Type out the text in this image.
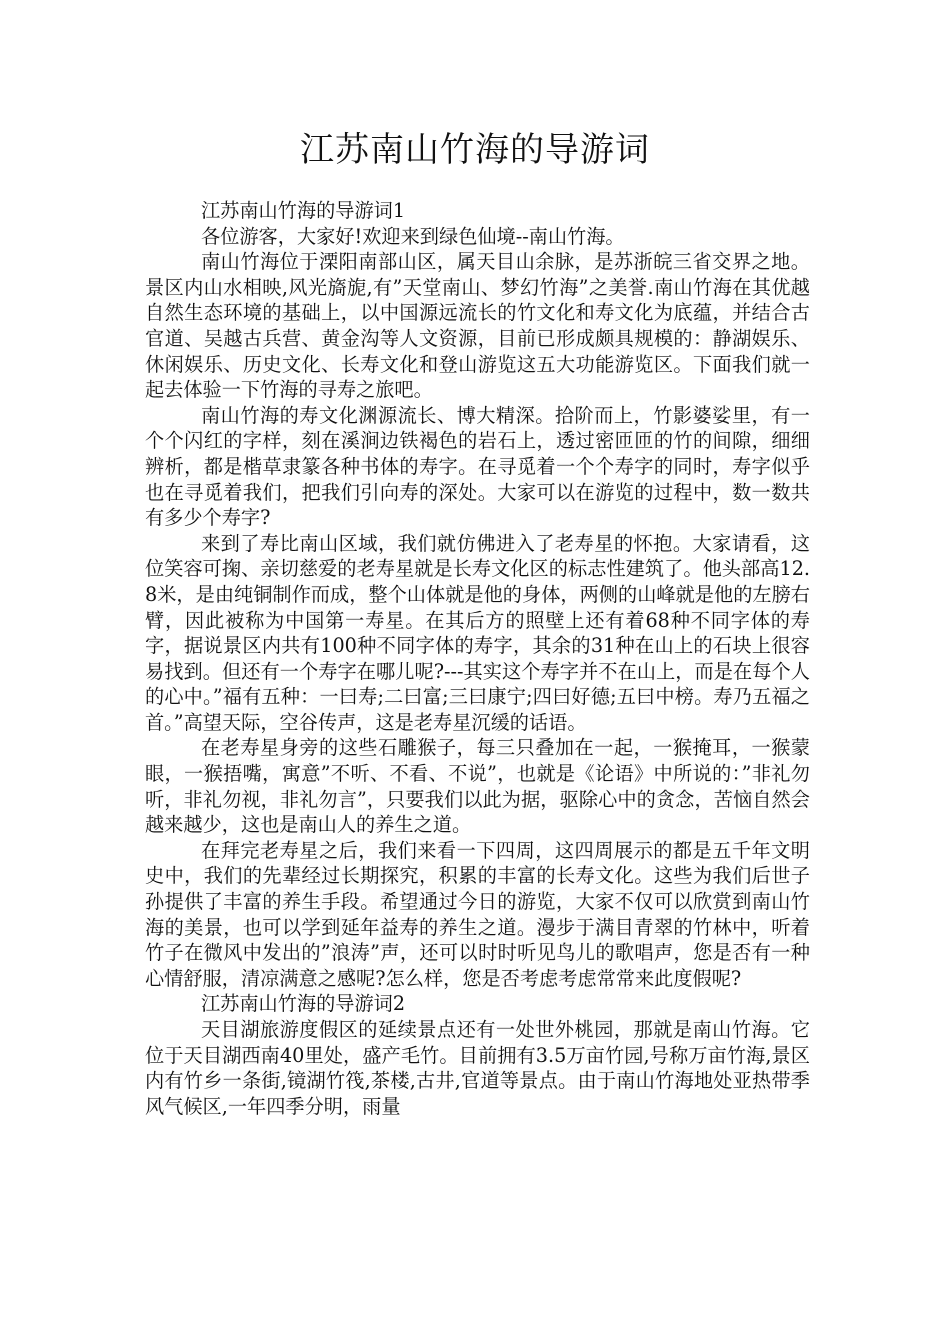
江苏南山竹海的导游词

江苏南山竹海的导游词1

各位游客，大家好!欢迎来到绿色仙境--南山竹海。

南山竹海位于溧阳南部山区，属天目山余脉，是苏浙皖三省交界之地。景区内山水相映,风光旖旎,有”天堂南山、梦幻竹海”之美誉.南山竹海在其优越自然生态环境的基础上，以中国源远流长的竹文化和寿文化为底蕴，并结合古官道、吴越古兵营、黄金沟等人文资源，目前已形成颇具规模的：静湖娱乐、休闲娱乐、历史文化、长寿文化和登山游览这五大功能游览区。下面我们就一起去体验一下竹海的寻寿之旅吧。

南山竹海的寿文化渊源流长、博大精深。拾阶而上，竹影婆娑里，有一个个闪红的字样，刻在溪涧边铁褐色的岩石上，透过密匝匝的竹的间隙，细细辨析，都是楷草隶篆各种书体的寿字。在寻觅着一个个寿字的同时，寿字似乎也在寻觅着我们，把我们引向寿的深处。大家可以在游览的过程中，数一数共有多少个寿字?

来到了寿比南山区域，我们就仿佛进入了老寿星的怀抱。大家请看，这位笑容可掬、亲切慈爱的老寿星就是长寿文化区的标志性建筑了。他头部高12.8米，是由纯铜制作而成，整个山体就是他的身体，两侧的山峰就是他的左膀右臂，因此被称为中国第一寿星。在其后方的照壁上还有着68种不同字体的寿字，据说景区内共有100种不同字体的寿字，其余的31种在山上的石块上很容易找到。但还有一个寿字在哪儿呢?---其实这个寿字并不在山上，而是在每个人的心中。”福有五种：一曰寿;二曰富;三曰康宁;四曰好德;五曰中榜。寿乃五福之首。”高望天际，空谷传声，这是老寿星沉缓的话语。

在老寿星身旁的这些石雕猴子，每三只叠加在一起，一猴掩耳，一猴蒙眼，一猴捂嘴，寓意”不听、不看、不说”，也就是《论语》中所说的：”非礼勿听，非礼勿视，非礼勿言”，只要我们以此为据，驱除心中的贪念，苦恼自然会越来越少，这也是南山人的养生之道。

在拜完老寿星之后，我们来看一下四周，这四周展示的都是五千年文明史中，我们的先辈经过长期探究，积累的丰富的长寿文化。这些为我们后世子孙提供了丰富的养生手段。希望通过今日的游览，大家不仅可以欣赏到南山竹海的美景，也可以学到延年益寿的养生之道。漫步于满目青翠的竹林中，听着竹子在微风中发出的”浪涛”声，还可以时时听见鸟儿的歌唱声，您是否有一种心情舒服，清凉满意之感呢?怎么样，您是否考虑考虑常常来此度假呢?

江苏南山竹海的导游词2

天目湖旅游度假区的延续景点还有一处世外桃园，那就是南山竹海。它位于天目湖西南40里处，盛产毛竹。目前拥有3.5万亩竹园,号称万亩竹海,景区内有竹乡一条街,镜湖竹筏,茶楼,古井,官道等景点。由于南山竹海地处亚热带季风气候区,一年四季分明，雨量
